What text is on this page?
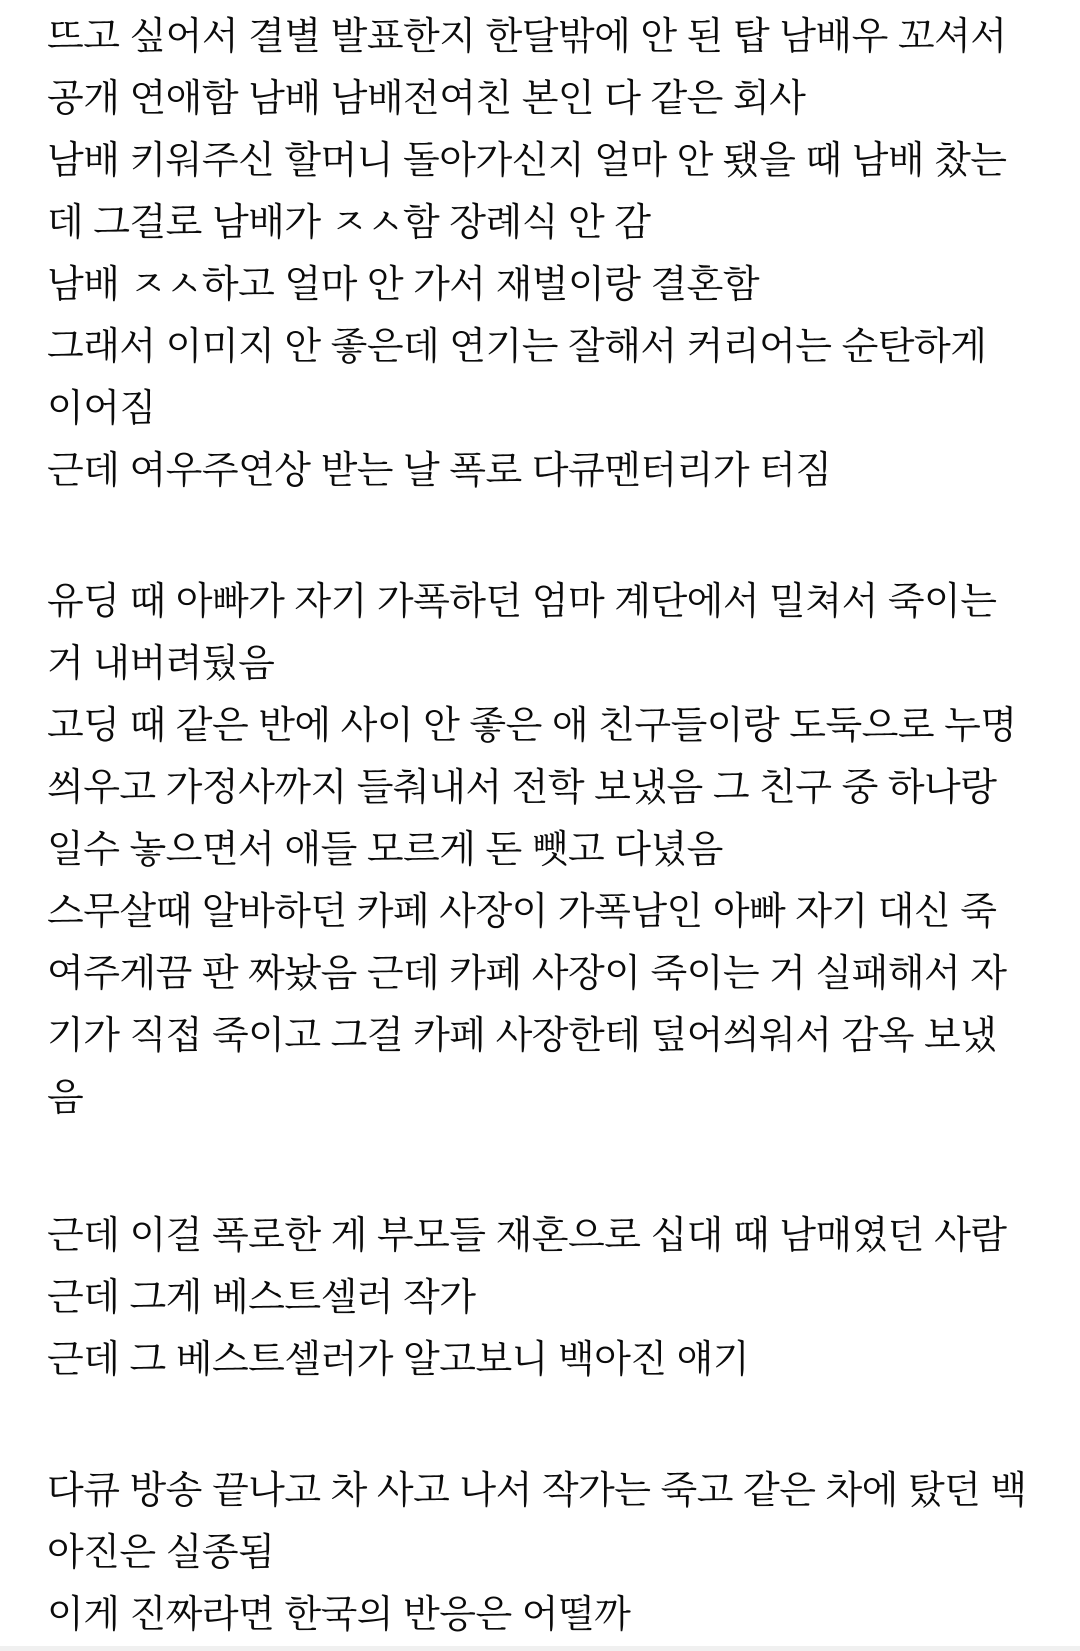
뜨고 싶어서 결별 발표한지 한달밖에 안 된 탑 남배우 꼬셔서
공개 연애함 남배 남배전여친 본인 다 같은 회사
남배 키워주신 할머니 돌아가신지 얼마 안 됐을 때 남배 찼는
데 그걸로 남배가 ㅈㅅ함 장례식 안 감
남배 ㅈㅅ하고 얼마 안 가서 재벌이랑 결혼함
그래서 이미지 안 좋은데 연기는 잘해서 커리어는 순탄하게
이어짐
근데 여우주연상 받는 날 폭로 다큐멘터리가 터짐
유딩 때 아빠가 자기 가폭하던 엄마 계단에서 밀쳐서 죽이는
거 내버려뒀음
고딩 때 같은 반에 사이 안 좋은 애 친구들이랑 도둑으로 누명
씌우고 가정사까지 들춰내서 전학 보냈음 그 친구 중 하나랑
일수 놓으면서 애들 모르게 돈 뺏고 다녔음
스무살때 알바하던 카페 사장이 가폭남인 아빠 자기 대신 죽
여주게끔 판 짜놨음 근데 카페 사장이 죽이는 거 실패해서 자
기가 직접 죽이고 그걸 카페 사장한테 덮어씌워서 감옥 보냈
음
근데 이걸 폭로한 게 부모들 재혼으로 십대 때 남매였던 사람
근데 그게 베스트셀러 작가
근데 그 베스트셀러가 알고보니 백아진 얘기
다큐 방송 끝나고 차 사고 나서 작가는 죽고 같은 차에 탔던 백
아진은 실종됨
이게 진짜라면 한국의 반응은 어떨까
